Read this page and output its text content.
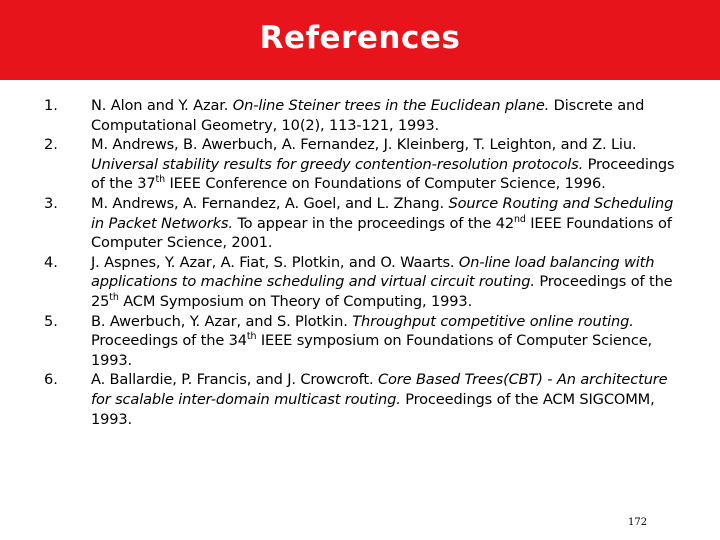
References
1.	N. Alon and Y. Azar. On-line Steiner trees in the Euclidean plane. Discrete and Computational Geometry, 10(2), 113-121, 1993.
2.	M. Andrews, B. Awerbuch, A. Fernandez, J. Kleinberg, T. Leighton, and Z. Liu. Universal stability results for greedy contention-resolution protocols. Proceedings of the 37th IEEE Conference on Foundations of Computer Science, 1996.
3.	M. Andrews, A. Fernandez, A. Goel, and L. Zhang. Source Routing and Scheduling in Packet Networks. To appear in the proceedings of the 42nd IEEE Foundations of Computer Science, 2001.
4.	J. Aspnes, Y. Azar, A. Fiat, S. Plotkin, and O. Waarts. On-line load balancing with applications to machine scheduling and virtual circuit routing. Proceedings of the 25th ACM Symposium on Theory of Computing, 1993.
5.	B. Awerbuch, Y. Azar, and S. Plotkin. Throughput competitive online routing. Proceedings of the 34th IEEE symposium on Foundations of Computer Science, 1993.
6.	A. Ballardie, P. Francis, and J. Crowcroft. Core Based Trees(CBT) - An architecture for scalable inter-domain multicast routing. Proceedings of the ACM SIGCOMM, 1993.
172
